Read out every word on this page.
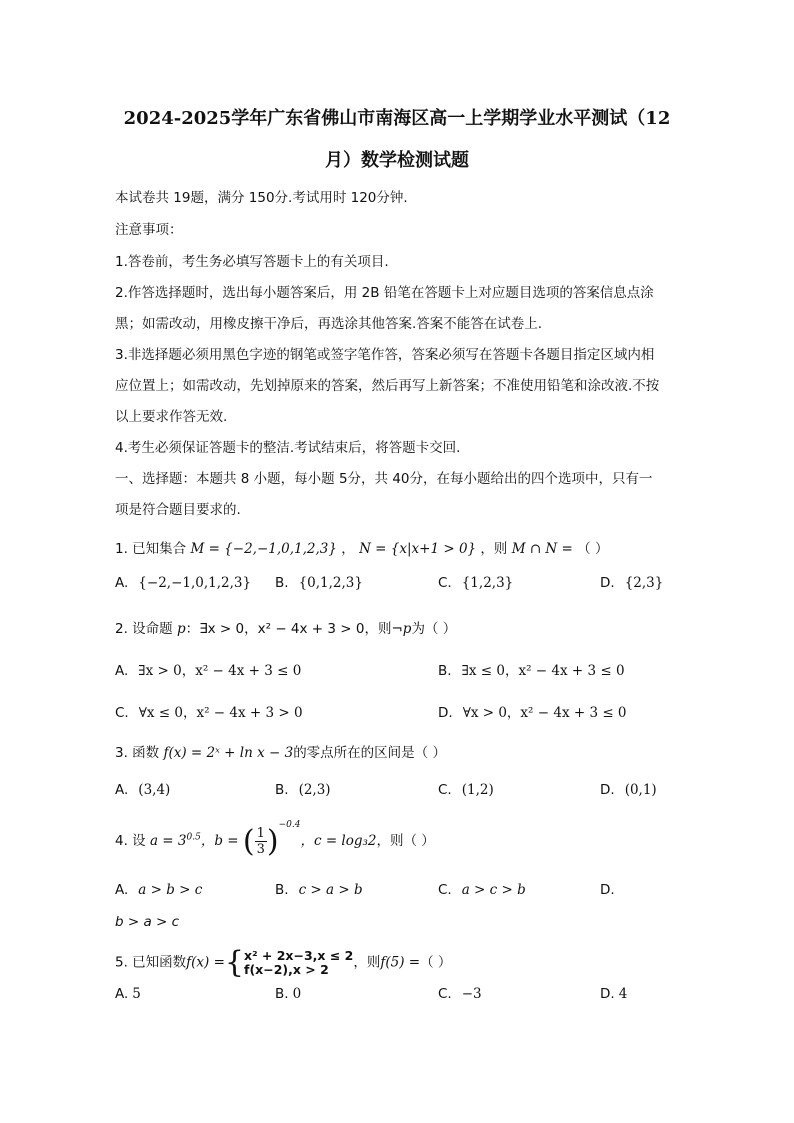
2024-2025学年广东省佛山市南海区高一上学期学业水平测试（12
月）数学检测试题
本试卷共 19题，满分 150分.考试用时 120分钟.
注意事项：
1.答卷前，考生务必填写答题卡上的有关项目.
2.作答选择题时，选出每小题答案后，用 2B 铅笔在答题卡上对应题目选项的答案信息点涂
黑；如需改动，用橡皮擦干净后，再选涂其他答案.答案不能答在试卷上.
3.非选择题必须用黑色字迹的钢笔或签字笔作答，答案必须写在答题卡各题目指定区域内相
应位置上；如需改动，先划掉原来的答案，然后再写上新答案；不准使用铅笔和涂改液.不按
以上要求作答无效.
4.考生必须保证答题卡的整洁.考试结束后，将答题卡交回.
一、选择题：本题共 8 小题，每小题 5分，共 40分，在每小题给出的四个选项中，只有一
项是符合题目要求的.
1. 已知集合 M = {−2,−1,0,1,2,3} ， N = {x|x+1 > 0} ，则 M ∩ N = （ ）
A. {−2,−1,0,1,2,3} B. {0,1,2,3}	C. {1,2,3}	D. {2,3}
2. 设命题 p：∃x > 0，x² − 4x + 3 > 0，则¬p为（ ）
A. ∃x > 0，x² − 4x + 3 ≤ 0	B. ∃x ≤ 0，x² − 4x + 3 ≤ 0
C. ∀x ≤ 0，x² − 4x + 3 > 0	D. ∀x > 0，x² − 4x + 3 ≤ 0
3. 函数 f(x) = 2ˣ + ln x − 3的零点所在的区间是（ ）
A. (3,4)	B. (2,3)	C. (1,2)	D. (0,1)
4. 设 $a = 3^{0.5}$，b = ( $\frac{1}{3} )^{-0.4}$，c = log₃2，则（ ）
A. a > b > c	B. c > a > b	C. a > c > b	D.
b > a > c
5. 已知函数f(x) ={ x² + 2x−3,x ≤ 2
f(x−2),x > 2	，则f(5) =（ ）
A. 5	B. 0	C. −3	D. 4
